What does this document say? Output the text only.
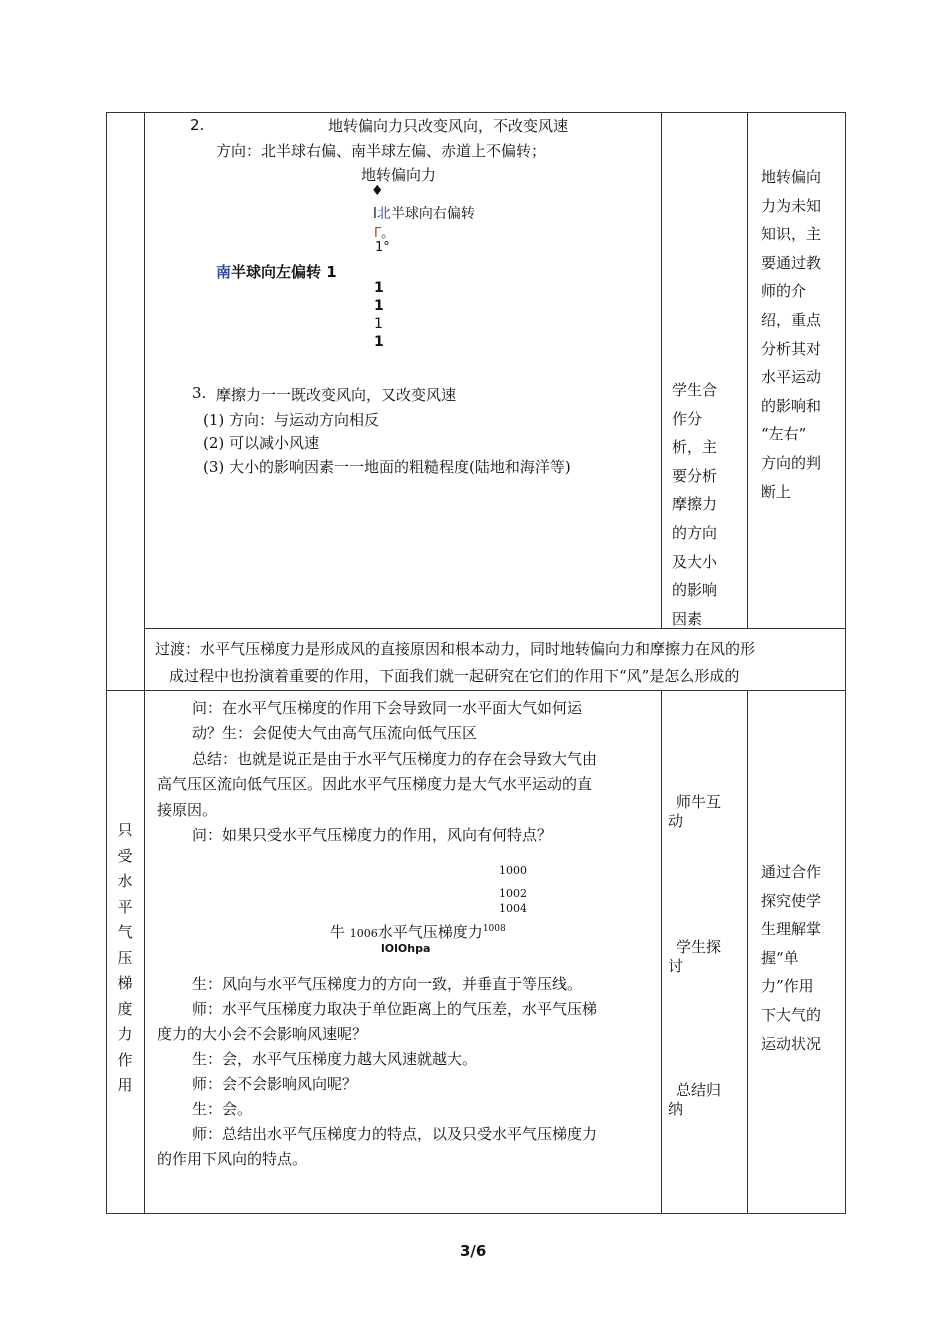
2.	地转偏向力只改变风向，不改变风速
方向：北半球右偏、南半球左偏、赤道上不偏转；
地转偏向力
♦
l北半球向右偏转
Γ。
1°
南半球向左偏转 1
1
1
1
1
3. 摩擦力一一既改变风向，又改变风速
(1) 方向：与运动方向相反
(2) 可以减小风速
(3) 大小的影响因素一一地面的粗糙程度(陆地和海洋等)
学生合
作分
析，主
要分析
摩擦力
的方向
及大小
的影响
因素
地转偏向
力为未知
知识，主
要通过教
师的介
绍，重点
分析其对
水平运动
的影响和
“左右”
方向的判
断上
过渡：水平气压梯度力是形成风的直接原因和根本动力，同时地转偏向力和摩擦力在风的形
成过程中也扮演着重要的作用，下面我们就一起研究在它们的作用下“风”是怎么形成的
只
受
水
平
气
压
梯
度
力
作
用
问：在水平气压梯度的作用下会导致同一水平面大气如何运
动？生：会促使大气由高气压流向低气压区
总结：也就是说正是由于水平气压梯度力的存在会导致大气由
高气压区流向低气压区。因此水平气压梯度力是大气水平运动的直
接原因。
问：如果只受水平气压梯度力的作用，风向有何特点？
1000
1002
1004
牛 1006水平气压梯度力$^{1008}$
lOlOhpa
生：风向与水平气压梯度力的方向一致，并垂直于等压线。
师：水平气压梯度力取决于单位距离上的气压差，水平气压梯
度力的大小会不会影响风速呢？
生：会，水平气压梯度力越大风速就越大。
师：会不会影响风向呢？
生：会。
师：总结出水平气压梯度力的特点，以及只受水平气压梯度力
的作用下风向的特点。
师牛互
动
学生探
讨
总结归
纳
通过合作
探究使学
生理解掌
握“单
力”作用
下大气的
运动状况
3/6
